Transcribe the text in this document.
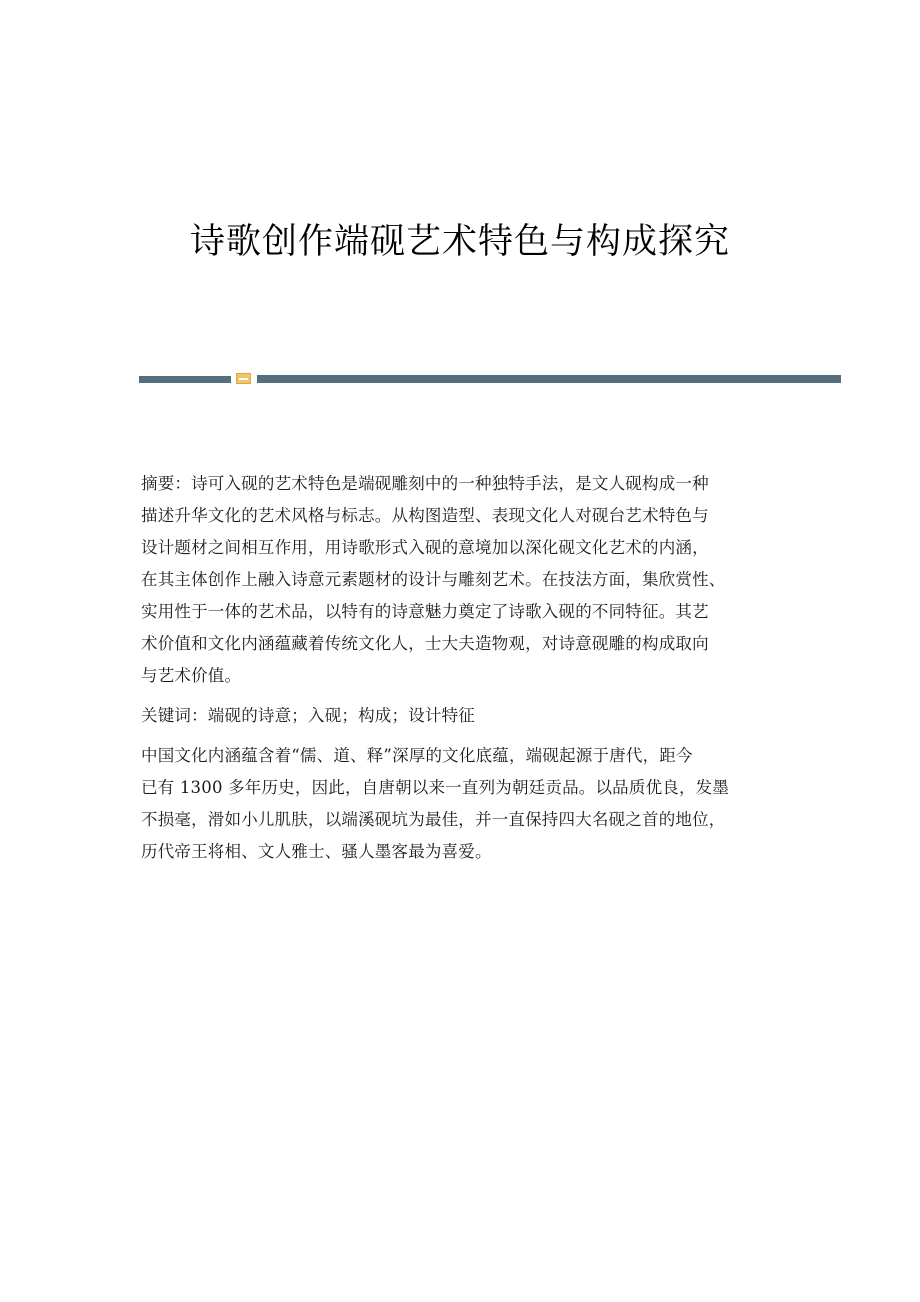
诗歌创作端砚艺术特色与构成探究

摘要：诗可入砚的艺术特色是端砚雕刻中的一种独特手法，是文人砚构成一种
描述升华文化的艺术风格与标志。从构图造型、表现文化人对砚台艺术特色与
设计题材之间相互作用，用诗歌形式入砚的意境加以深化砚文化艺术的内涵，
在其主体创作上融入诗意元素题材的设计与雕刻艺术。在技法方面，集欣赏性、
实用性于一体的艺术品，以特有的诗意魅力奠定了诗歌入砚的不同特征。其艺
术价值和文化内涵蕴藏着传统文化人，士大夫造物观，对诗意砚雕的构成取向
与艺术价值。

关键词：端砚的诗意；入砚；构成；设计特征

中国文化内涵蕴含着“儒、道、释”深厚的文化底蕴，端砚起源于唐代，距今
已有 1300 多年历史，因此，自唐朝以来一直列为朝廷贡品。以品质优良，发墨
不损毫，滑如小儿肌肤，以端溪砚坑为最佳，并一直保持四大名砚之首的地位，
历代帝王将相、文人雅士、骚人墨客最为喜爱。
